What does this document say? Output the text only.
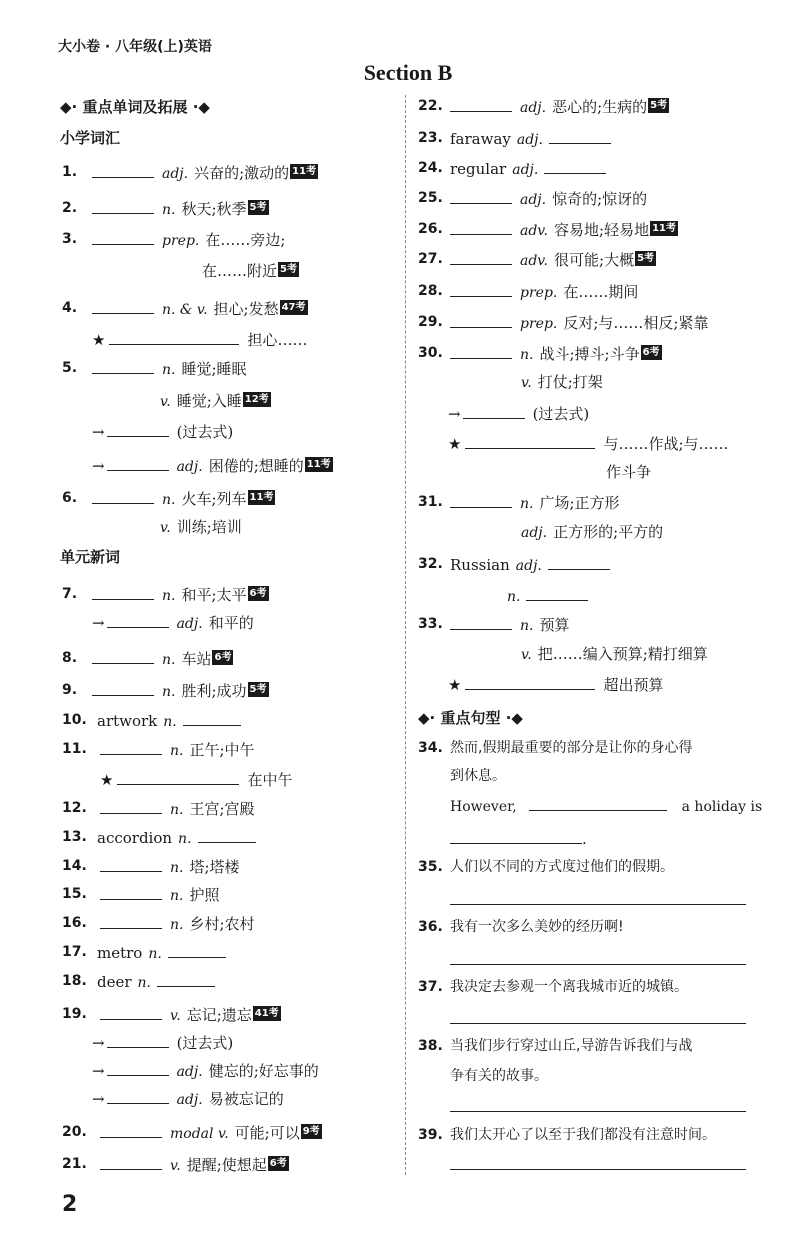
大小卷 · 八年级(上)英语
Section B
◆· 重点单词及拓展 ·◆
小学词汇
单元新词
1.	adj. 兴奋的;激动的 11考
2.	n. 秋天;秋季 5考
3.	prep. 在……旁边;
在……附近 5考
4.	n. & v. 担心;发愁 47考
★	担心……
5.	n. 睡觉;睡眠
v. 睡觉;入睡 12考
→	(过去式)
→	adj. 困倦的;想睡的 11考
6.	n. 火车;列车 11考
v. 训练;培训
7.	n. 和平;太平 6考
→	adj. 和平的
8.	n. 车站 6考
9.	n. 胜利;成功 5考
10. artwork n.
11.	n. 正午;中午
★	在中午
12.	n. 王宫;宫殿
13. accordion n.
14.	n. 塔;塔楼
15.	n. 护照
16.	n. 乡村;农村
17. metro n.
18. deer n.
19.	v. 忘记;遗忘 41考
→	(过去式)
→	adj. 健忘的;好忘事的
→	adj. 易被忘记的
20.	modal v. 可能;可以 9考
21.	v. 提醒;使想起 6考
22.	adj. 恶心的;生病的 5考
23. faraway adj.
24. regular adj.
25.	adj. 惊奇的;惊讶的
26.	adv. 容易地;轻易地 11考
27.	adv. 很可能;大概 5考
28.	prep. 在……期间
29.	prep. 反对;与……相反;紧靠
30.	n. 战斗;搏斗;斗争 6考
v. 打仗;打架
→	(过去式)
★	与……作战;与……
作斗争
31.	n. 广场;正方形
adj. 正方形的;平方的
32. Russian adj.
n.
33.	n. 预算
v. 把……编入预算;精打细算
★	超出预算
◆· 重点句型 ·◆
34. 然而,假期最重要的部分是让你的身心得
到休息。
However,	a holiday is
.
35. 人们以不同的方式度过他们的假期。
36. 我有一次多么美妙的经历啊!
37. 我决定去参观一个离我城市近的城镇。
38. 当我们步行穿过山丘,导游告诉我们与战
争有关的故事。
39. 我们太开心了以至于我们都没有注意时间。
2
